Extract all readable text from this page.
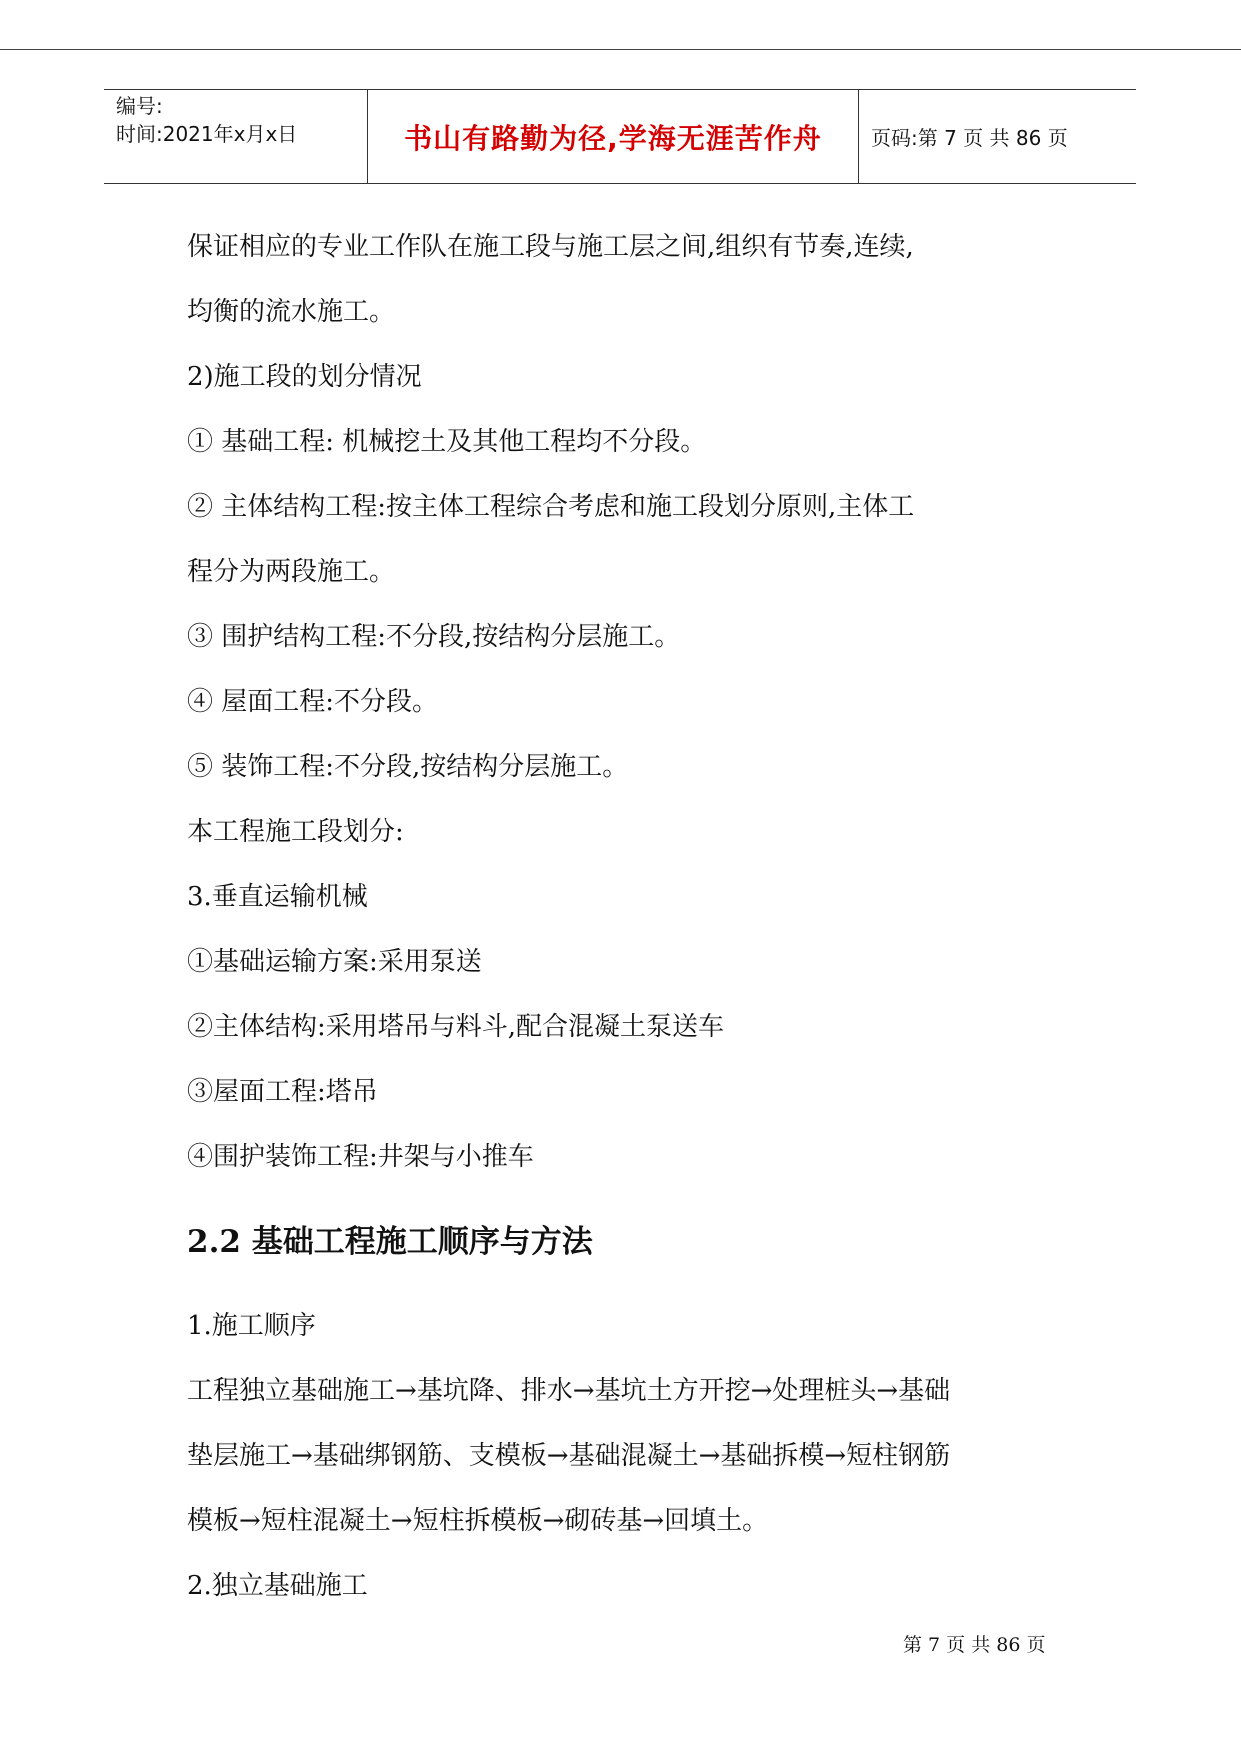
编号:
时间:2021年x月x日	书山有路勤为径,学海无涯苦作舟 页码:第 7 页 共 86 页

保证相应的专业工作队在施工段与施工层之间,组织有节奏,连续,

均衡的流水施工。

2)施工段的划分情况

① 基础工程: 机械挖土及其他工程均不分段。

② 主体结构工程:按主体工程综合考虑和施工段划分原则,主体工

程分为两段施工。

③ 围护结构工程:不分段,按结构分层施工。

④ 屋面工程:不分段。

⑤ 装饰工程:不分段,按结构分层施工。

本工程施工段划分:

3.垂直运输机械

①基础运输方案:采用泵送

②主体结构:采用塔吊与料斗,配合混凝土泵送车

③屋面工程:塔吊

④围护装饰工程:井架与小推车

2.2 基础工程施工顺序与方法

1.施工顺序

工程独立基础施工→基坑降、排水→基坑土方开挖→处理桩头→基础

垫层施工→基础绑钢筋、支模板→基础混凝土→基础拆模→短柱钢筋

模板→短柱混凝土→短柱拆模板→砌砖基→回填土。

2.独立基础施工

第 7 页 共 86 页
